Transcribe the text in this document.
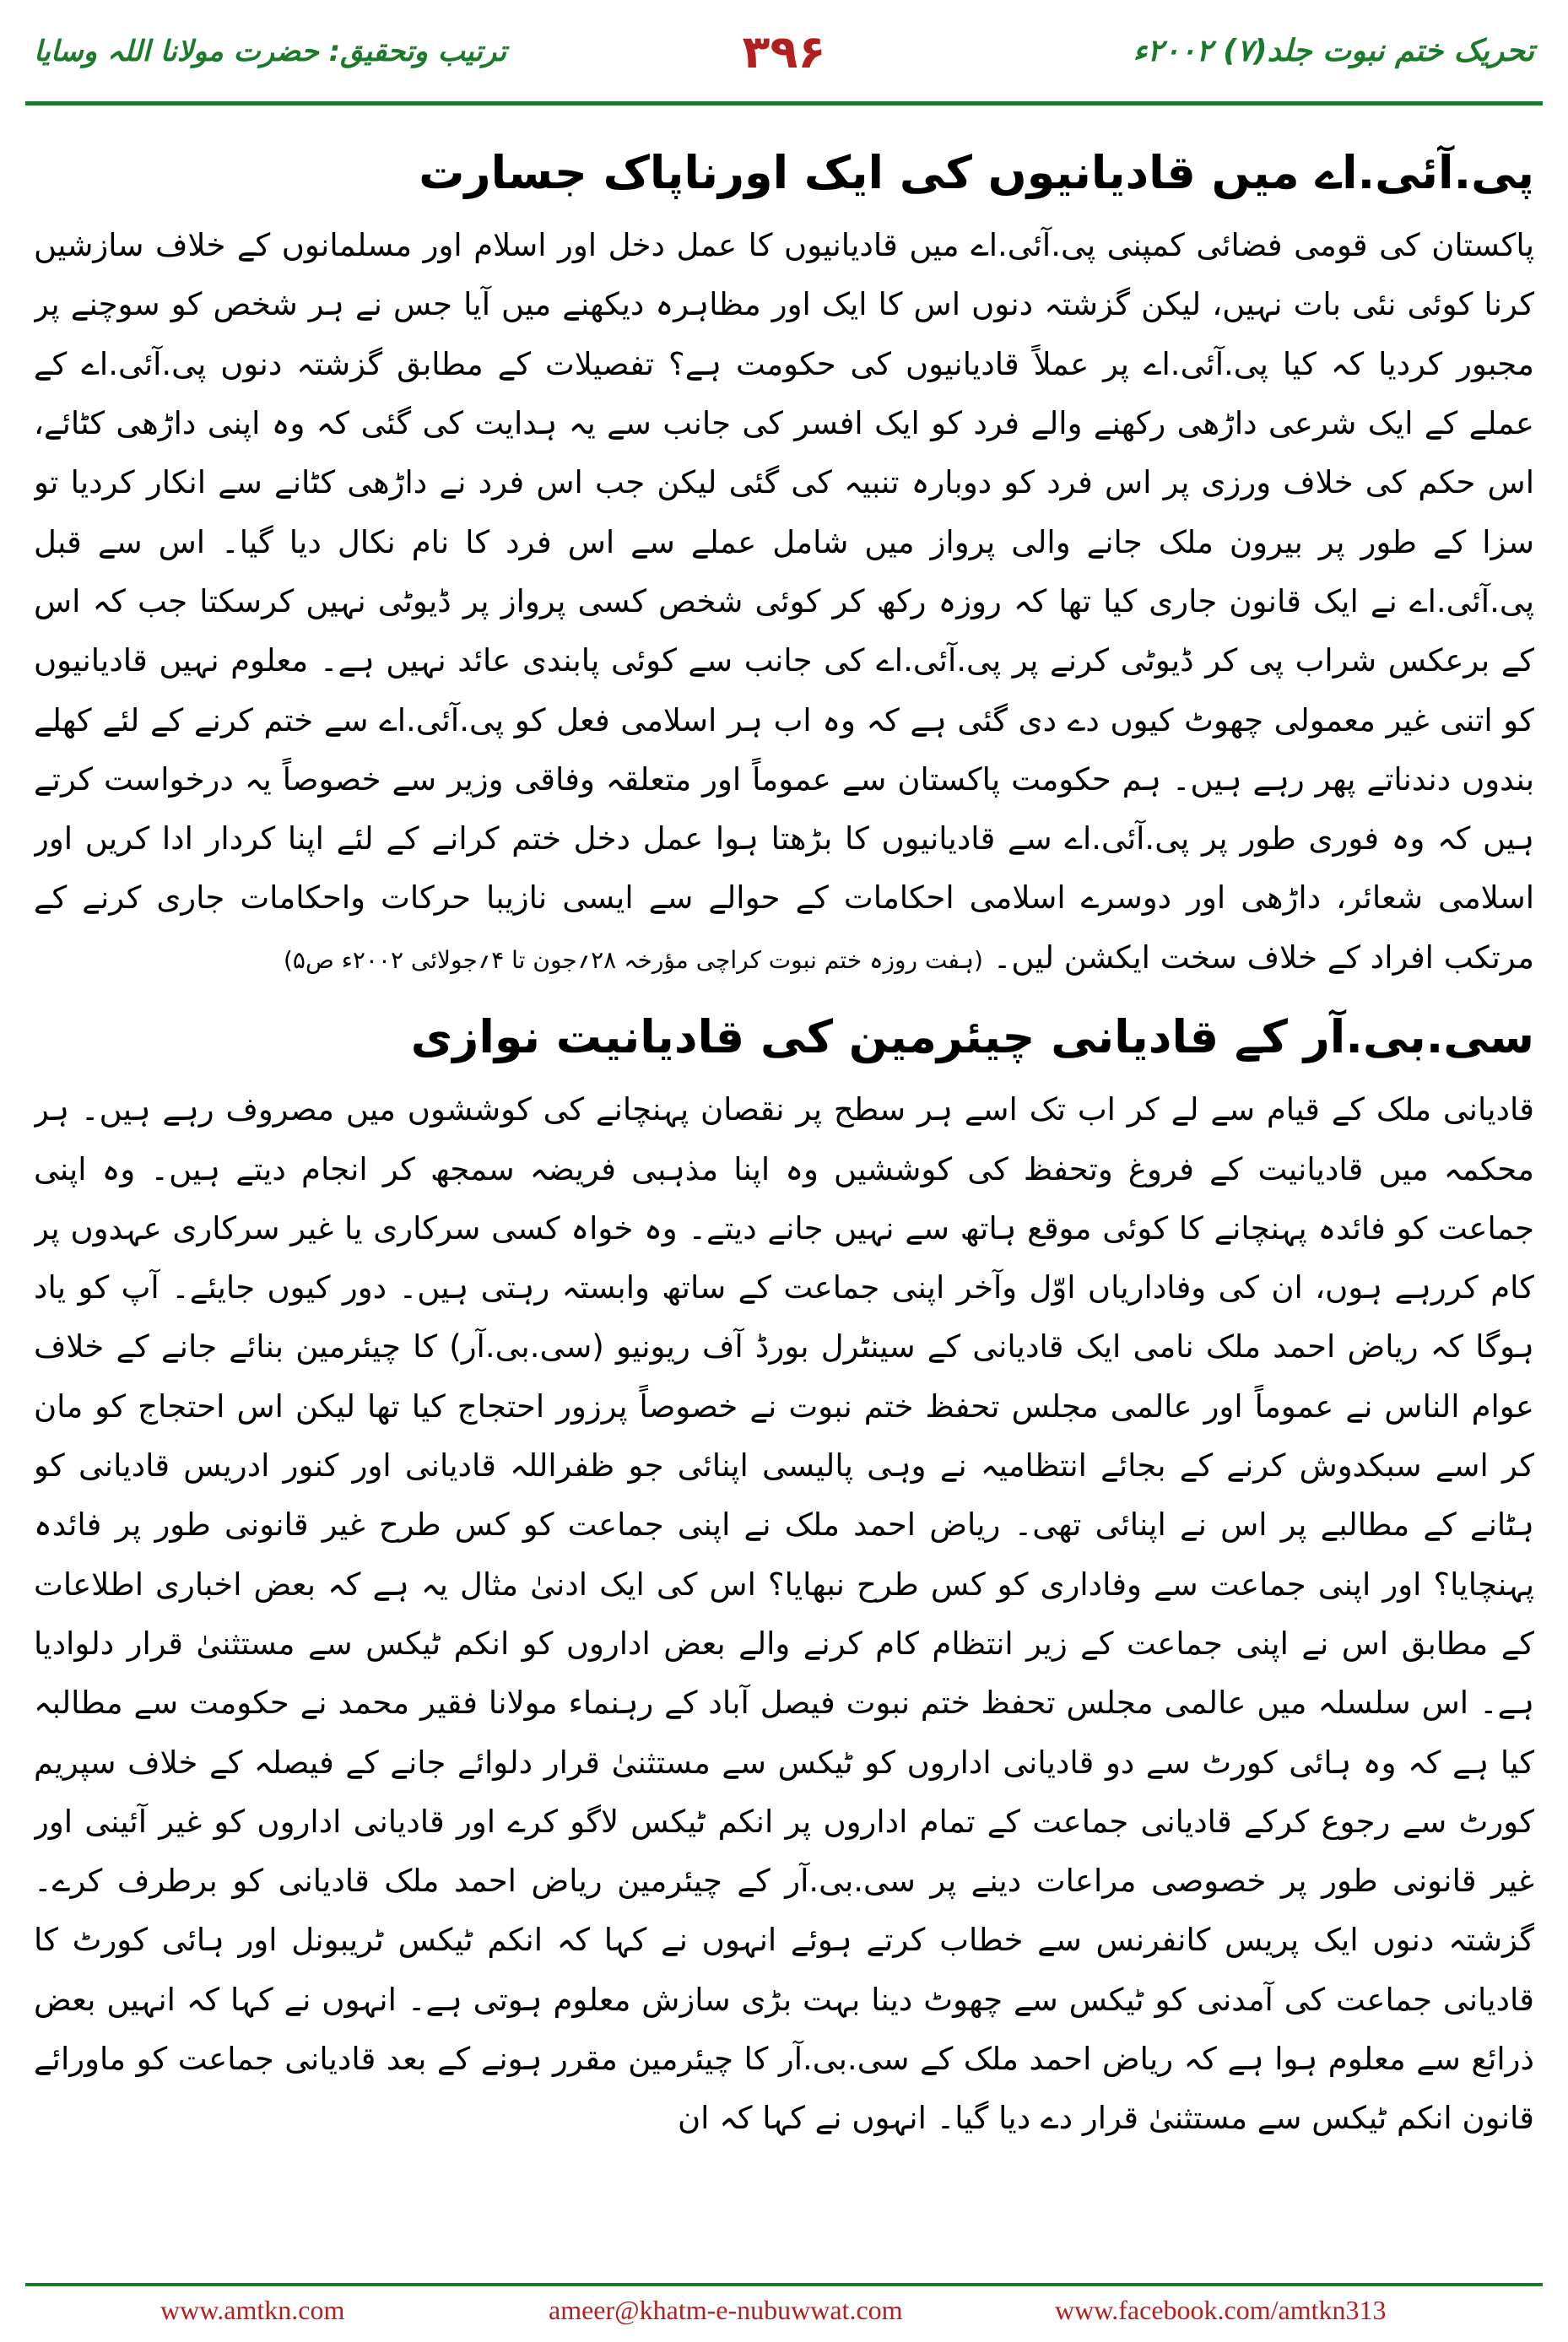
تحریک ختم نبوت جلد(۷) ۲۰۰۲ء
۳۹۶
ترتیب وتحقیق: حضرت مولانا اللہ وسایا
پی.آئی.اے میں قادیانیوں کی ایک اورناپاک جسارت

پاکستان کی قومی فضائی کمپنی پی.آئی.اے میں قادیانیوں کا عمل دخل اور اسلام اور مسلمانوں کے خلاف سازشیں کرنا کوئی نئی بات نہیں، لیکن گزشتہ دنوں اس کا ایک اور مظاہرہ دیکھنے میں آیا جس نے ہر شخص کو سوچنے پر مجبور کردیا کہ کیا پی.آئی.اے پر عملاً قادیانیوں کی حکومت ہے؟ تفصیلات کے مطابق گزشتہ دنوں پی.آئی.اے کے عملے کے ایک شرعی داڑھی رکھنے والے فرد کو ایک افسر کی جانب سے یہ ہدایت کی گئی کہ وہ اپنی داڑھی کٹائے، اس حکم کی خلاف ورزی پر اس فرد کو دوبارہ تنبیہ کی گئی لیکن جب اس فرد نے داڑھی کٹانے سے انکار کردیا تو سزا کے طور پر بیرون ملک جانے والی پرواز میں شامل عملے سے اس فرد کا نام نکال دیا گیا۔ اس سے قبل پی.آئی.اے نے ایک قانون جاری کیا تھا کہ روزہ رکھ کر کوئی شخص کسی پرواز پر ڈیوٹی نہیں کرسکتا جب کہ اس کے برعکس شراب پی کر ڈیوٹی کرنے پر پی.آئی.اے کی جانب سے کوئی پابندی عائد نہیں ہے۔ معلوم نہیں قادیانیوں کو اتنی غیر معمولی چھوٹ کیوں دے دی گئی ہے کہ وہ اب ہر اسلامی فعل کو پی.آئی.اے سے ختم کرنے کے لئے کھلے بندوں دندناتے پھر رہے ہیں۔ ہم حکومت پاکستان سے عموماً اور متعلقہ وفاقی وزیر سے خصوصاً یہ درخواست کرتے ہیں کہ وہ فوری طور پر پی.آئی.اے سے قادیانیوں کا بڑھتا ہوا عمل دخل ختم کرانے کے لئے اپنا کردار ادا کریں اور اسلامی شعائر، داڑھی اور دوسرے اسلامی احکامات کے حوالے سے ایسی نازیبا حرکات واحکامات جاری کرنے کے مرتکب افراد کے خلاف سخت ایکشن لیں۔ (ہفت روزہ ختم نبوت کراچی مؤرخہ ۲۸؍جون تا ۴؍جولائی ۲۰۰۲ء ص۵)

سی.بی.آر کے قادیانی چیئرمین کی قادیانیت نوازی

قادیانی ملک کے قیام سے لے کر اب تک اسے ہر سطح پر نقصان پہنچانے کی کوششوں میں مصروف رہے ہیں۔ ہر محکمہ میں قادیانیت کے فروغ وتحفظ کی کوششیں وہ اپنا مذہبی فریضہ سمجھ کر انجام دیتے ہیں۔ وہ اپنی جماعت کو فائدہ پہنچانے کا کوئی موقع ہاتھ سے نہیں جانے دیتے۔ وہ خواہ کسی سرکاری یا غیر سرکاری عہدوں پر کام کررہے ہوں، ان کی وفاداریاں اوّل وآخر اپنی جماعت کے ساتھ وابستہ رہتی ہیں۔ دور کیوں جایئے۔ آپ کو یاد ہوگا کہ ریاض احمد ملک نامی ایک قادیانی کے سینٹرل بورڈ آف ریونیو (سی.بی.آر) کا چیئرمین بنائے جانے کے خلاف عوام الناس نے عموماً اور عالمی مجلس تحفظ ختم نبوت نے خصوصاً پرزور احتجاج کیا تھا لیکن اس احتجاج کو مان کر اسے سبکدوش کرنے کے بجائے انتظامیہ نے وہی پالیسی اپنائی جو ظفراللہ قادیانی اور کنور ادریس قادیانی کو ہٹانے کے مطالبے پر اس نے اپنائی تھی۔ ریاض احمد ملک نے اپنی جماعت کو کس طرح غیر قانونی طور پر فائدہ پہنچایا؟ اور اپنی جماعت سے وفاداری کو کس طرح نبھایا؟ اس کی ایک ادنیٰ مثال یہ ہے کہ بعض اخباری اطلاعات کے مطابق اس نے اپنی جماعت کے زیر انتظام کام کرنے والے بعض اداروں کو انکم ٹیکس سے مستثنیٰ قرار دلوادیا ہے۔ اس سلسلہ میں عالمی مجلس تحفظ ختم نبوت فیصل آباد کے رہنماء مولانا فقیر محمد نے حکومت سے مطالبہ کیا ہے کہ وہ ہائی کورٹ سے دو قادیانی اداروں کو ٹیکس سے مستثنیٰ قرار دلوائے جانے کے فیصلہ کے خلاف سپریم کورٹ سے رجوع کرکے قادیانی جماعت کے تمام اداروں پر انکم ٹیکس لاگو کرے اور قادیانی اداروں کو غیر آئینی اور غیر قانونی طور پر خصوصی مراعات دینے پر سی.بی.آر کے چیئرمین ریاض احمد ملک قادیانی کو برطرف کرے۔ گزشتہ دنوں ایک پریس کانفرنس سے خطاب کرتے ہوئے انہوں نے کہا کہ انکم ٹیکس ٹریبونل اور ہائی کورٹ کا قادیانی جماعت کی آمدنی کو ٹیکس سے چھوٹ دینا بہت بڑی سازش معلوم ہوتی ہے۔ انہوں نے کہا کہ انہیں بعض ذرائع سے معلوم ہوا ہے کہ ریاض احمد ملک کے سی.بی.آر کا چیئرمین مقرر ہونے کے بعد قادیانی جماعت کو ماورائے قانون انکم ٹیکس سے مستثنیٰ قرار دے دیا گیا۔ انہوں نے کہا کہ ان

www.amtkn.com	ameer@khatm-e-nubuwwat.com	www.facebook.com/amtkn313
